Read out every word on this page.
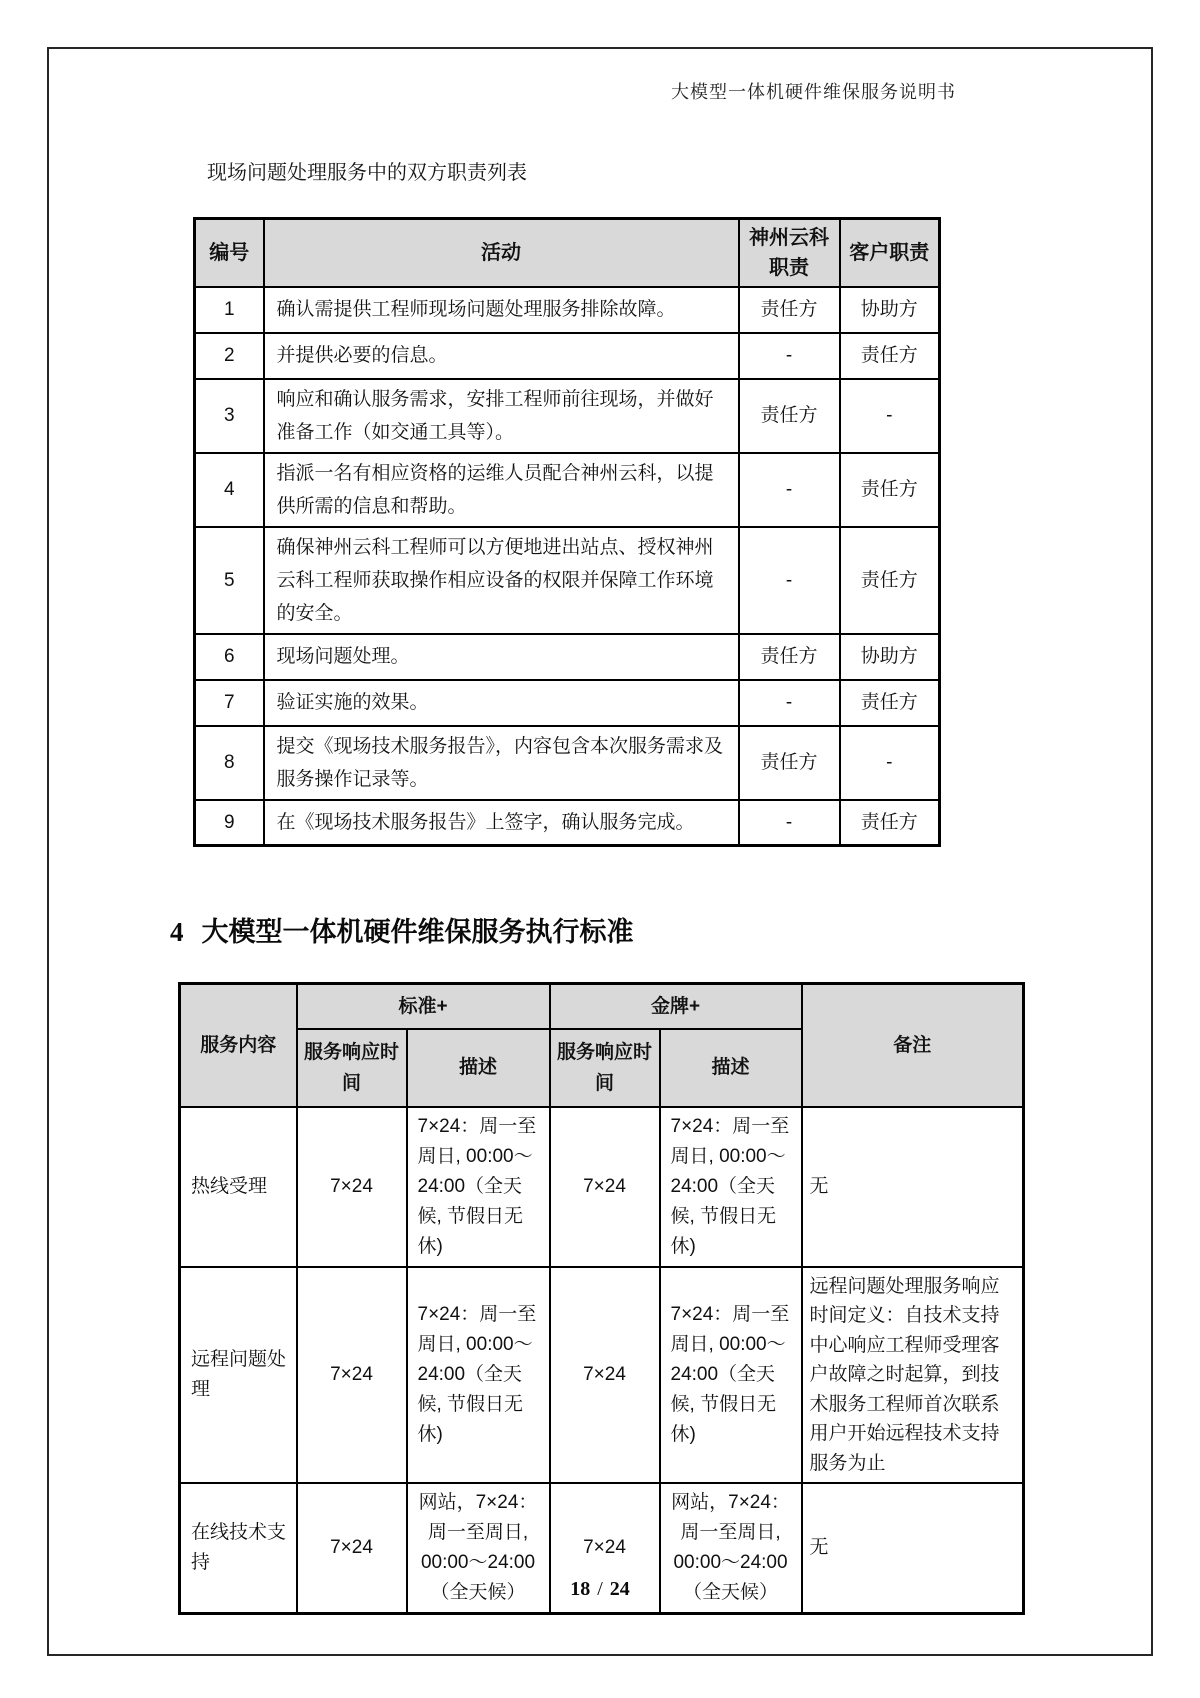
大模型一体机硬件维保服务说明书
现场问题处理服务中的双方职责列表
编号	活动	神州云科职责	客户职责
1	确认需提供工程师现场问题处理服务排除故障。	责任方	协助方
2	并提供必要的信息。	-	责任方
3	响应和确认服务需求，安排工程师前往现场，并做好准备工作（如交通工具等）。	责任方	-
4	指派一名有相应资格的运维人员配合神州云科，以提供所需的信息和帮助。	-	责任方
5	确保神州云科工程师可以方便地进出站点、授权神州云科工程师获取操作相应设备的权限并保障工作环境的安全。	-	责任方
6	现场问题处理。	责任方	协助方
7	验证实施的效果。	-	责任方
8	提交《现场技术服务报告》，内容包含本次服务需求及服务操作记录等。	责任方	-
9	在《现场技术服务报告》上签字，确认服务完成。	-	责任方
4 大模型一体机硬件维保服务执行标准
服务内容	标准+		金牌+		备注
	服务响应时间	描述	服务响应时间	描述	
热线受理	7×24	7×24：周一至周日, 00:00～24:00（全天候, 节假日无休)	7×24	7×24：周一至周日, 00:00～24:00（全天候, 节假日无休)	无
远程问题处理	7×24	7×24：周一至周日, 00:00～24:00（全天候, 节假日无休)	7×24	7×24：周一至周日, 00:00～24:00（全天候, 节假日无休)	远程问题处理服务响应时间定义：自技术支持中心响应工程师受理客户故障之时起算，到技术服务工程师首次联系用户开始远程技术支持服务为止
在线技术支持	7×24	网站，7×24：周一至周日, 00:00～24:00（全天候）	7×24	网站，7×24：周一至周日, 00:00～24:00（全天候）	无
18 / 24
